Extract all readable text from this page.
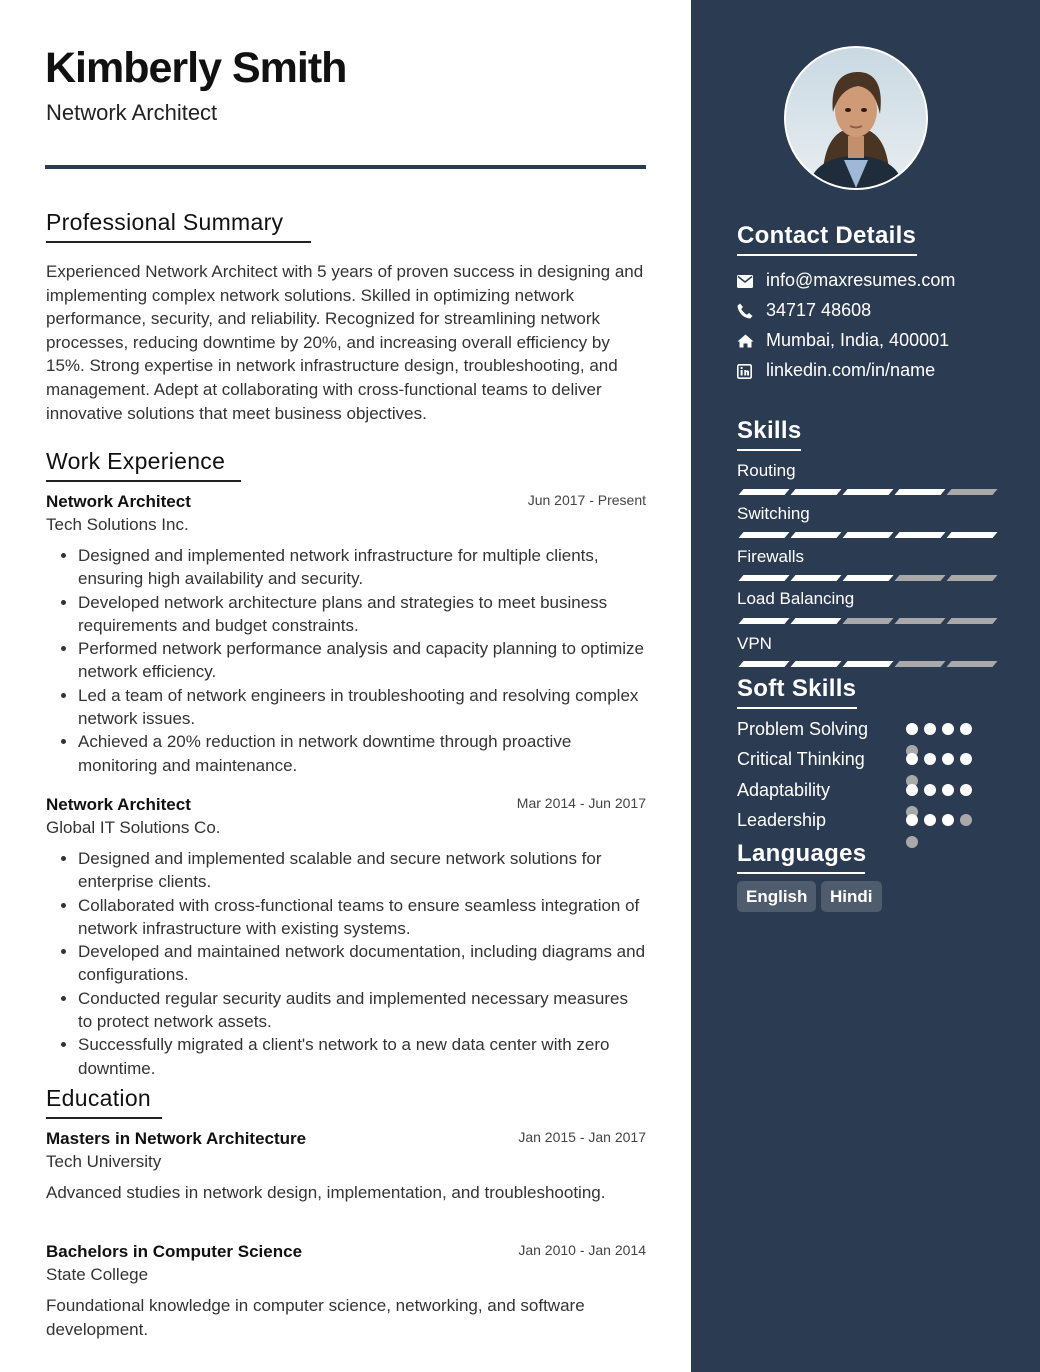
Kimberly Smith
Network Architect
Professional Summary

Experienced Network Architect with 5 years of proven success in designing and implementing complex network solutions. Skilled in optimizing network performance, security, and reliability. Recognized for streamlining network processes, reducing downtime by 20%, and increasing overall efficiency by 15%. Strong expertise in network infrastructure design, troubleshooting, and management. Adept at collaborating with cross-functional teams to deliver innovative solutions that meet business objectives.

Work Experience
Network Architect	Jun 2017 - Present
Tech Solutions Inc.
• Designed and implemented network infrastructure for multiple clients, ensuring high availability and security.
• Developed network architecture plans and strategies to meet business requirements and budget constraints.
• Performed network performance analysis and capacity planning to optimize network efficiency.
• Led a team of network engineers in troubleshooting and resolving complex network issues.
• Achieved a 20% reduction in network downtime through proactive monitoring and maintenance.
Network Architect	Mar 2014 - Jun 2017
Global IT Solutions Co.
• Designed and implemented scalable and secure network solutions for enterprise clients.
• Collaborated with cross-functional teams to ensure seamless integration of network infrastructure with existing systems.
• Developed and maintained network documentation, including diagrams and configurations.
• Conducted regular security audits and implemented necessary measures to protect network assets.
• Successfully migrated a client's network to a new data center with zero downtime.
Education
Masters in Network Architecture	Jan 2015 - Jan 2017
Tech University
Advanced studies in network design, implementation, and troubleshooting.
Bachelors in Computer Science	Jan 2010 - Jan 2014
State College
Foundational knowledge in computer science, networking, and software development.
Contact Details
info@maxresumes.com
34717 48608
Mumbai, India, 400001
linkedin.com/in/name
Skills
Routing
Switching
Firewalls
Load Balancing
VPN
Soft Skills
Problem Solving
Critical Thinking
Adaptability
Leadership
Languages
English	Hindi
